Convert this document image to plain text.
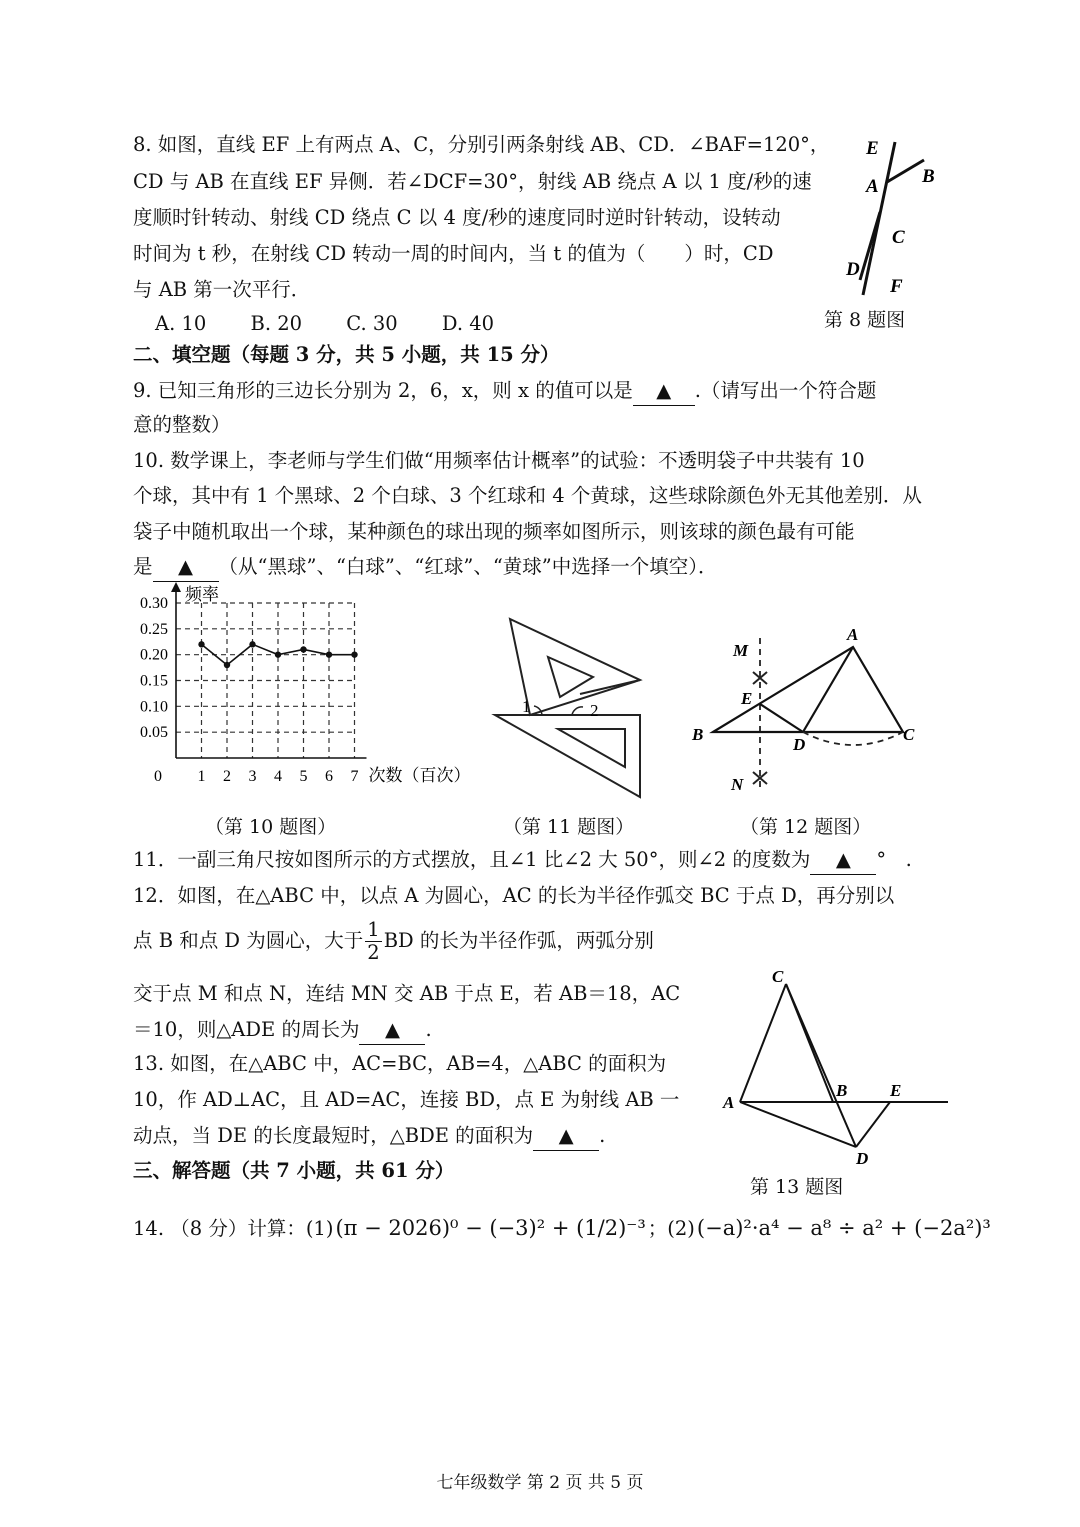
8. 如图，直线 EF 上有两点 A、C，分别引两条射线 AB、CD．∠BAF=120°，
CD 与 AB 在直线 EF 异侧．若∠DCF=30°，射线 AB 绕点 A 以 1 度/秒的速
度顺时针转动、射线 CD 绕点 C 以 4 度/秒的速度同时逆时针转动，设转动
时间为 t 秒，在射线 CD 转动一周的时间内，当 t 的值为（　　）时，CD
与 AB 第一次平行．
A. 10 B. 20 C. 30 D. 40
E
A B
C
D
F
第 8 题图
二、填空题（每题 3 分，共 5 小题，共 15 分）
9. 已知三角形的三边长分别为 2，6，x，则 x 的值可以是 ▲ .（请写出一个符合题
意的整数）
10. 数学课上，李老师与学生们做“用频率估计概率”的试验：不透明袋子中共装有 10
个球，其中有 1 个黑球、2 个白球、3 个红球和 4 个黄球，这些球除颜色外无其他差别．从
袋子中随机取出一个球，某种颜色的球出现的频率如图所示，则该球的颜色最有可能
是 ▲ （从“黑球”、“白球”、“红球”、“黄球”中选择一个填空）．
0.30
0.25
0.20
0.15
0.10
0.05
1 2 3 4 5 6 7
0
频率
次数（百次）
（第 10 题图）
1	2
（第 11 题图）
M
A
E
B
D
C
N
（第 12 题图）
11．一副三角尺按如图所示的方式摆放，且∠1 比∠2 大 50°，则∠2 的度数为 ▲ °　.
12．如图，在△ABC 中，以点 A 为圆心，AC 的长为半径作弧交 BC 于点 D，再分别以
点 B 和点 D 为圆心，大于 $\frac{1}{2}$ BD 的长为半径作弧，两弧分别
交于点 M 和点 N，连结 MN 交 AB 于点 E，若 AB＝18，AC
＝10，则△ADE 的周长为 ▲ .
13. 如图，在△ABC 中，AC=BC，AB=4，△ABC 的面积为
10，作 AD⊥AC，且 AD=AC，连接 BD，点 E 为射线 AB 一
动点，当 DE 的长度最短时，△BDE 的面积为 ▲ .
C
A
B	E
D
第 13 题图
三、解答题（共 7 小题，共 61 分）
14. （8 分）计算：(1)(π − 2026)⁰ − (−3)² + (1/2)⁻³ ；(2)(−a)²·a⁴ − a⁸ ÷ a² + (−2a²)³
七年级数学 第 2 页 共 5 页
